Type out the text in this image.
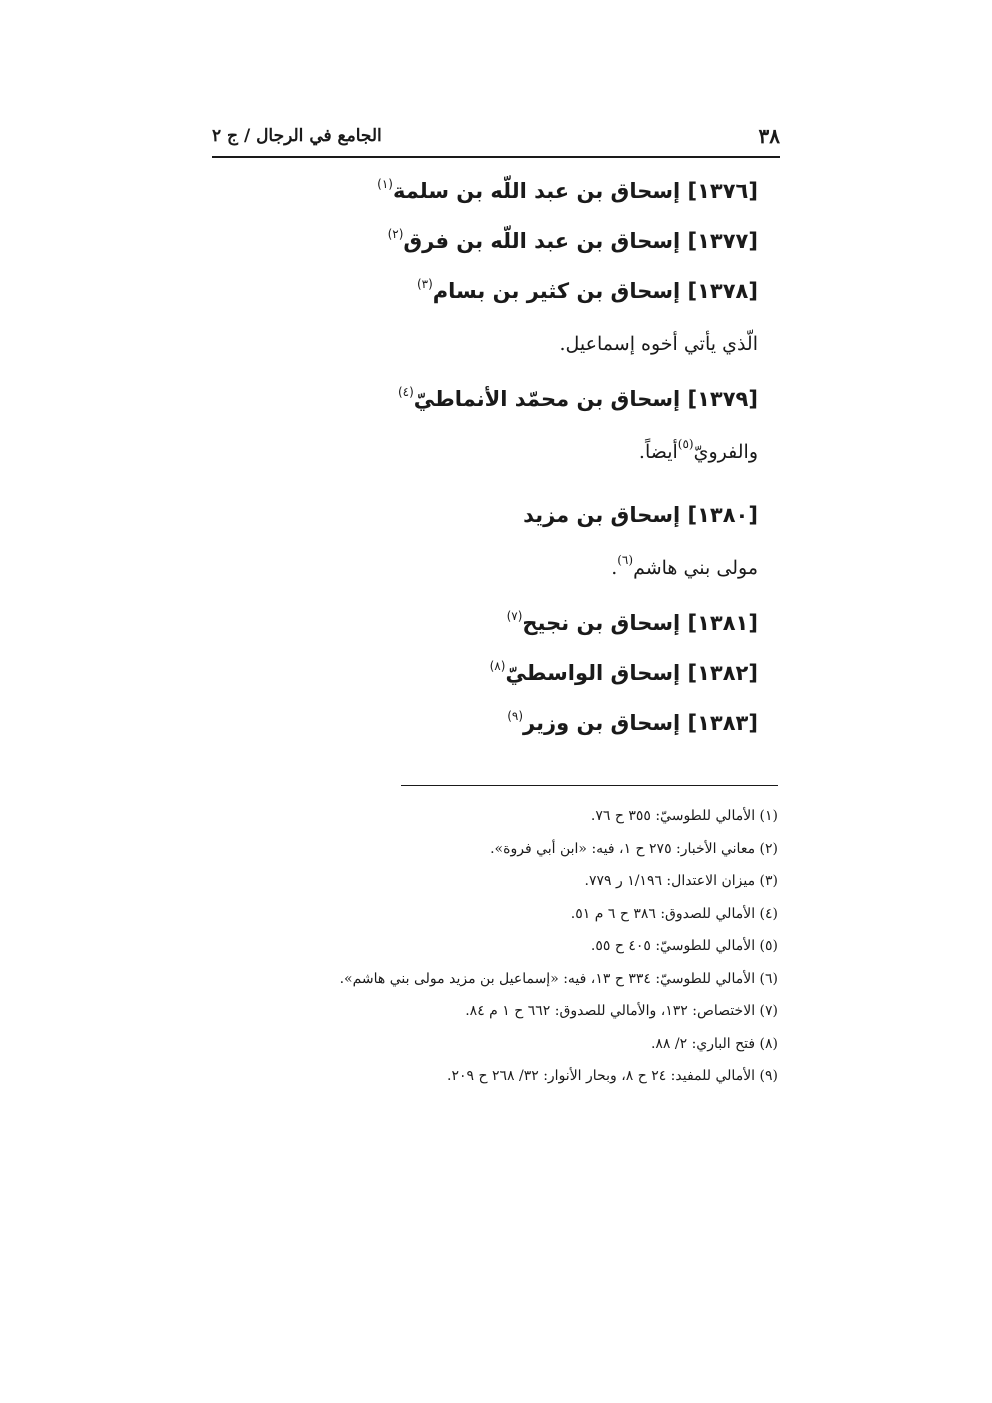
٣٨
الجامع في الرجال / ج ٢
[١٣٧٦] إسحاق بن عبد اللّه بن سلمة$^{(١)}$
[١٣٧٧] إسحاق بن عبد اللّه بن فرق$^{(٢)}$
[١٣٧٨] إسحاق بن كثير بن بسام$^{(٣)}$
الّذي يأتي أخوه إسماعيل.
[١٣٧٩] إسحاق بن محمّد الأنماطيّ$^{(٤)}$
والفرويّ$^{(٥)}$أيضاً.
[١٣٨٠] إسحاق بن مزيد
مولى بني هاشم$^{(٦)}$.
[١٣٨١] إسحاق بن نجيح$^{(٧)}$
[١٣٨٢] إسحاق الواسطيّ$^{(٨)}$
[١٣٨٣] إسحاق بن وزير$^{(٩)}$
(١) الأمالي للطوسيّ: ٣٥٥ ح ٧٦.
(٢) معاني الأخبار: ٢٧٥ ح ١، فيه: «ابن أبي فروة».
(٣) ميزان الاعتدال: ١/١٩٦ ر ٧٧٩.
(٤) الأمالي للصدوق: ٣٨٦ ح ٦ م ٥١.
(٥) الأمالي للطوسيّ: ٤٠٥ ح ٥٥.
(٦) الأمالي للطوسيّ: ٣٣٤ ح ١٣، فيه: «إسماعيل بن مزيد مولى بني هاشم».
(٧) الاختصاص: ١٣٢، والأمالي للصدوق: ٦٦٢ ح ١ م ٨٤.
(٨) فتح الباري: ٢/ ٨٨.
(٩) الأمالي للمفيد: ٢٤ ح ٨، وبحار الأنوار: ٣٢/ ٢٦٨ ح ٢٠٩.
